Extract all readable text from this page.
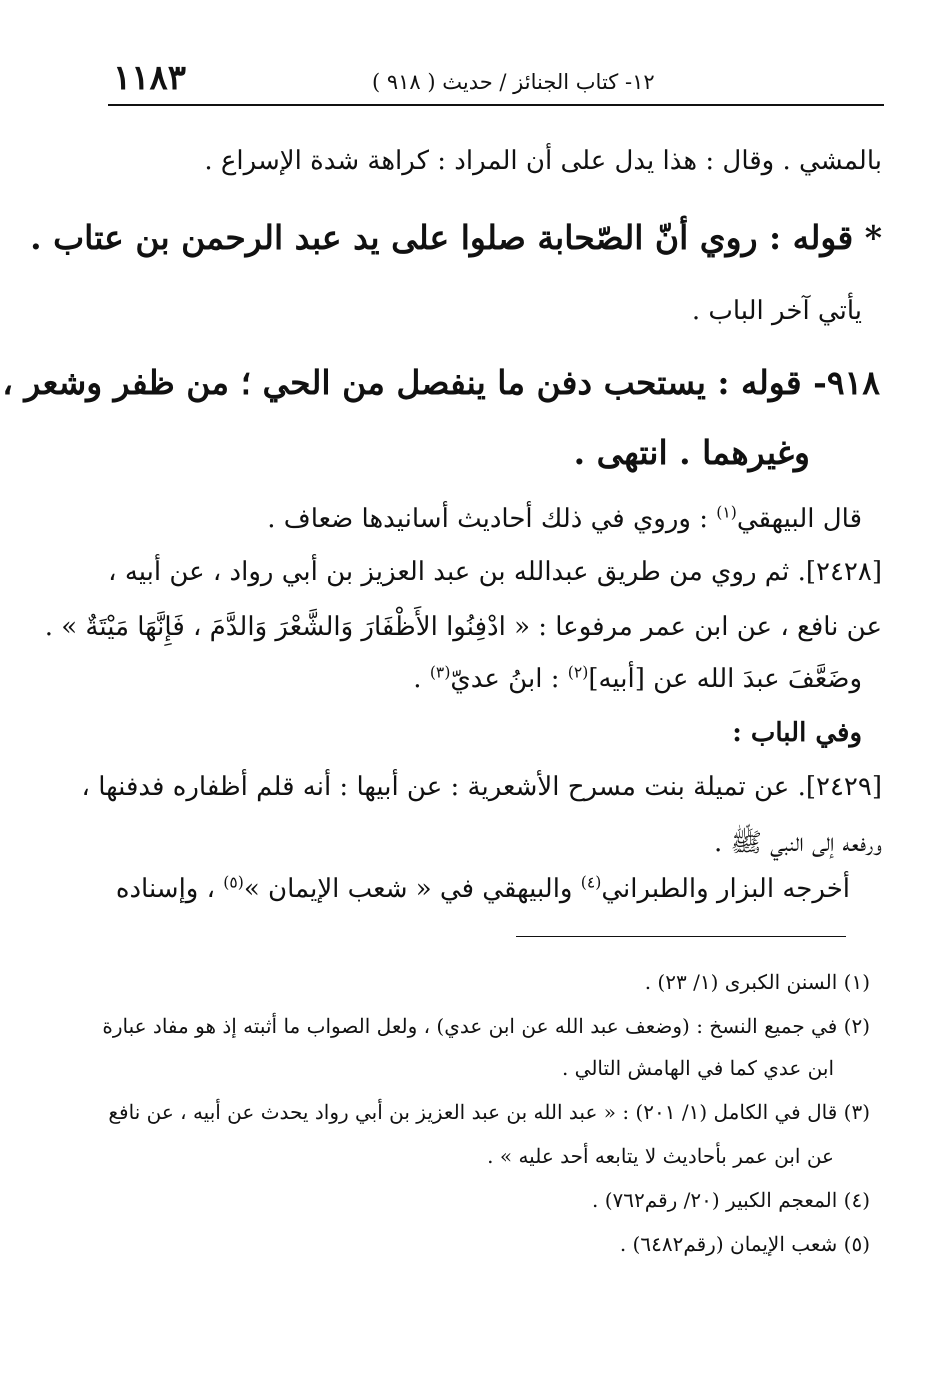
١١٨٣	١٢- كتاب الجنائز / حديث ( ٩١٨ )
بالمشي . وقال : هذا يدل على أن المراد : كراهة شدة الإسراع .
* قوله : روي أنّ الصّحابة صلوا على يد عبد الرحمن بن عتاب .
يأتي آخر الباب .
٩١٨- قوله : يستحب دفن ما ينفصل من الحي ؛ من ظفر وشعر ،
وغيرهما . انتهى .
قال البيهقي$^{(١)}$ : وروي في ذلك أحاديث أسانيدها ضعاف .
[٢٤٢٨]. ثم روي من طريق عبدالله بن عبد العزيز بن أبي رواد ، عن أبيه ،
عن نافع ، عن ابن عمر مرفوعا : « ادْفِنُوا الأَظْفَارَ وَالشَّعْرَ وَالدَّمَ ، فَإِنَّهَا مَيْتَةٌ » .
وضَعَّفَ عبدَ الله عن [أبيه]$^{(٢)}$ : ابنُ عديّ$^{(٣)}$ .
وفي الباب :
[٢٤٢٩]. عن تميلة بنت مسرح الأشعرية : عن أبيها : أنه قلم أظفاره فدفنها ،
ورفعه إلى النبي ﷺ .
أخرجه البزار والطبراني$^{(٤)}$ والبيهقي في « شعب الإيمان »$^{(٥)}$ ، وإسناده
(١) السنن الكبرى (١/ ٢٣) .
(٢) في جميع النسخ : (وضعف عبد الله عن ابن عدي) ، ولعل الصواب ما أثبته إذ هو مفاد عبارة
ابن عدي كما في الهامش التالي .
(٣) قال في الكامل (١/ ٢٠١) : « عبد الله بن عبد العزيز بن أبي رواد يحدث عن أبيه ، عن نافع
عن ابن عمر بأحاديث لا يتابعه أحد عليه » .
(٤) المعجم الكبير (٢٠/ رقم٧٦٢) .
(٥) شعب الإيمان (رقم٦٤٨٢) .
